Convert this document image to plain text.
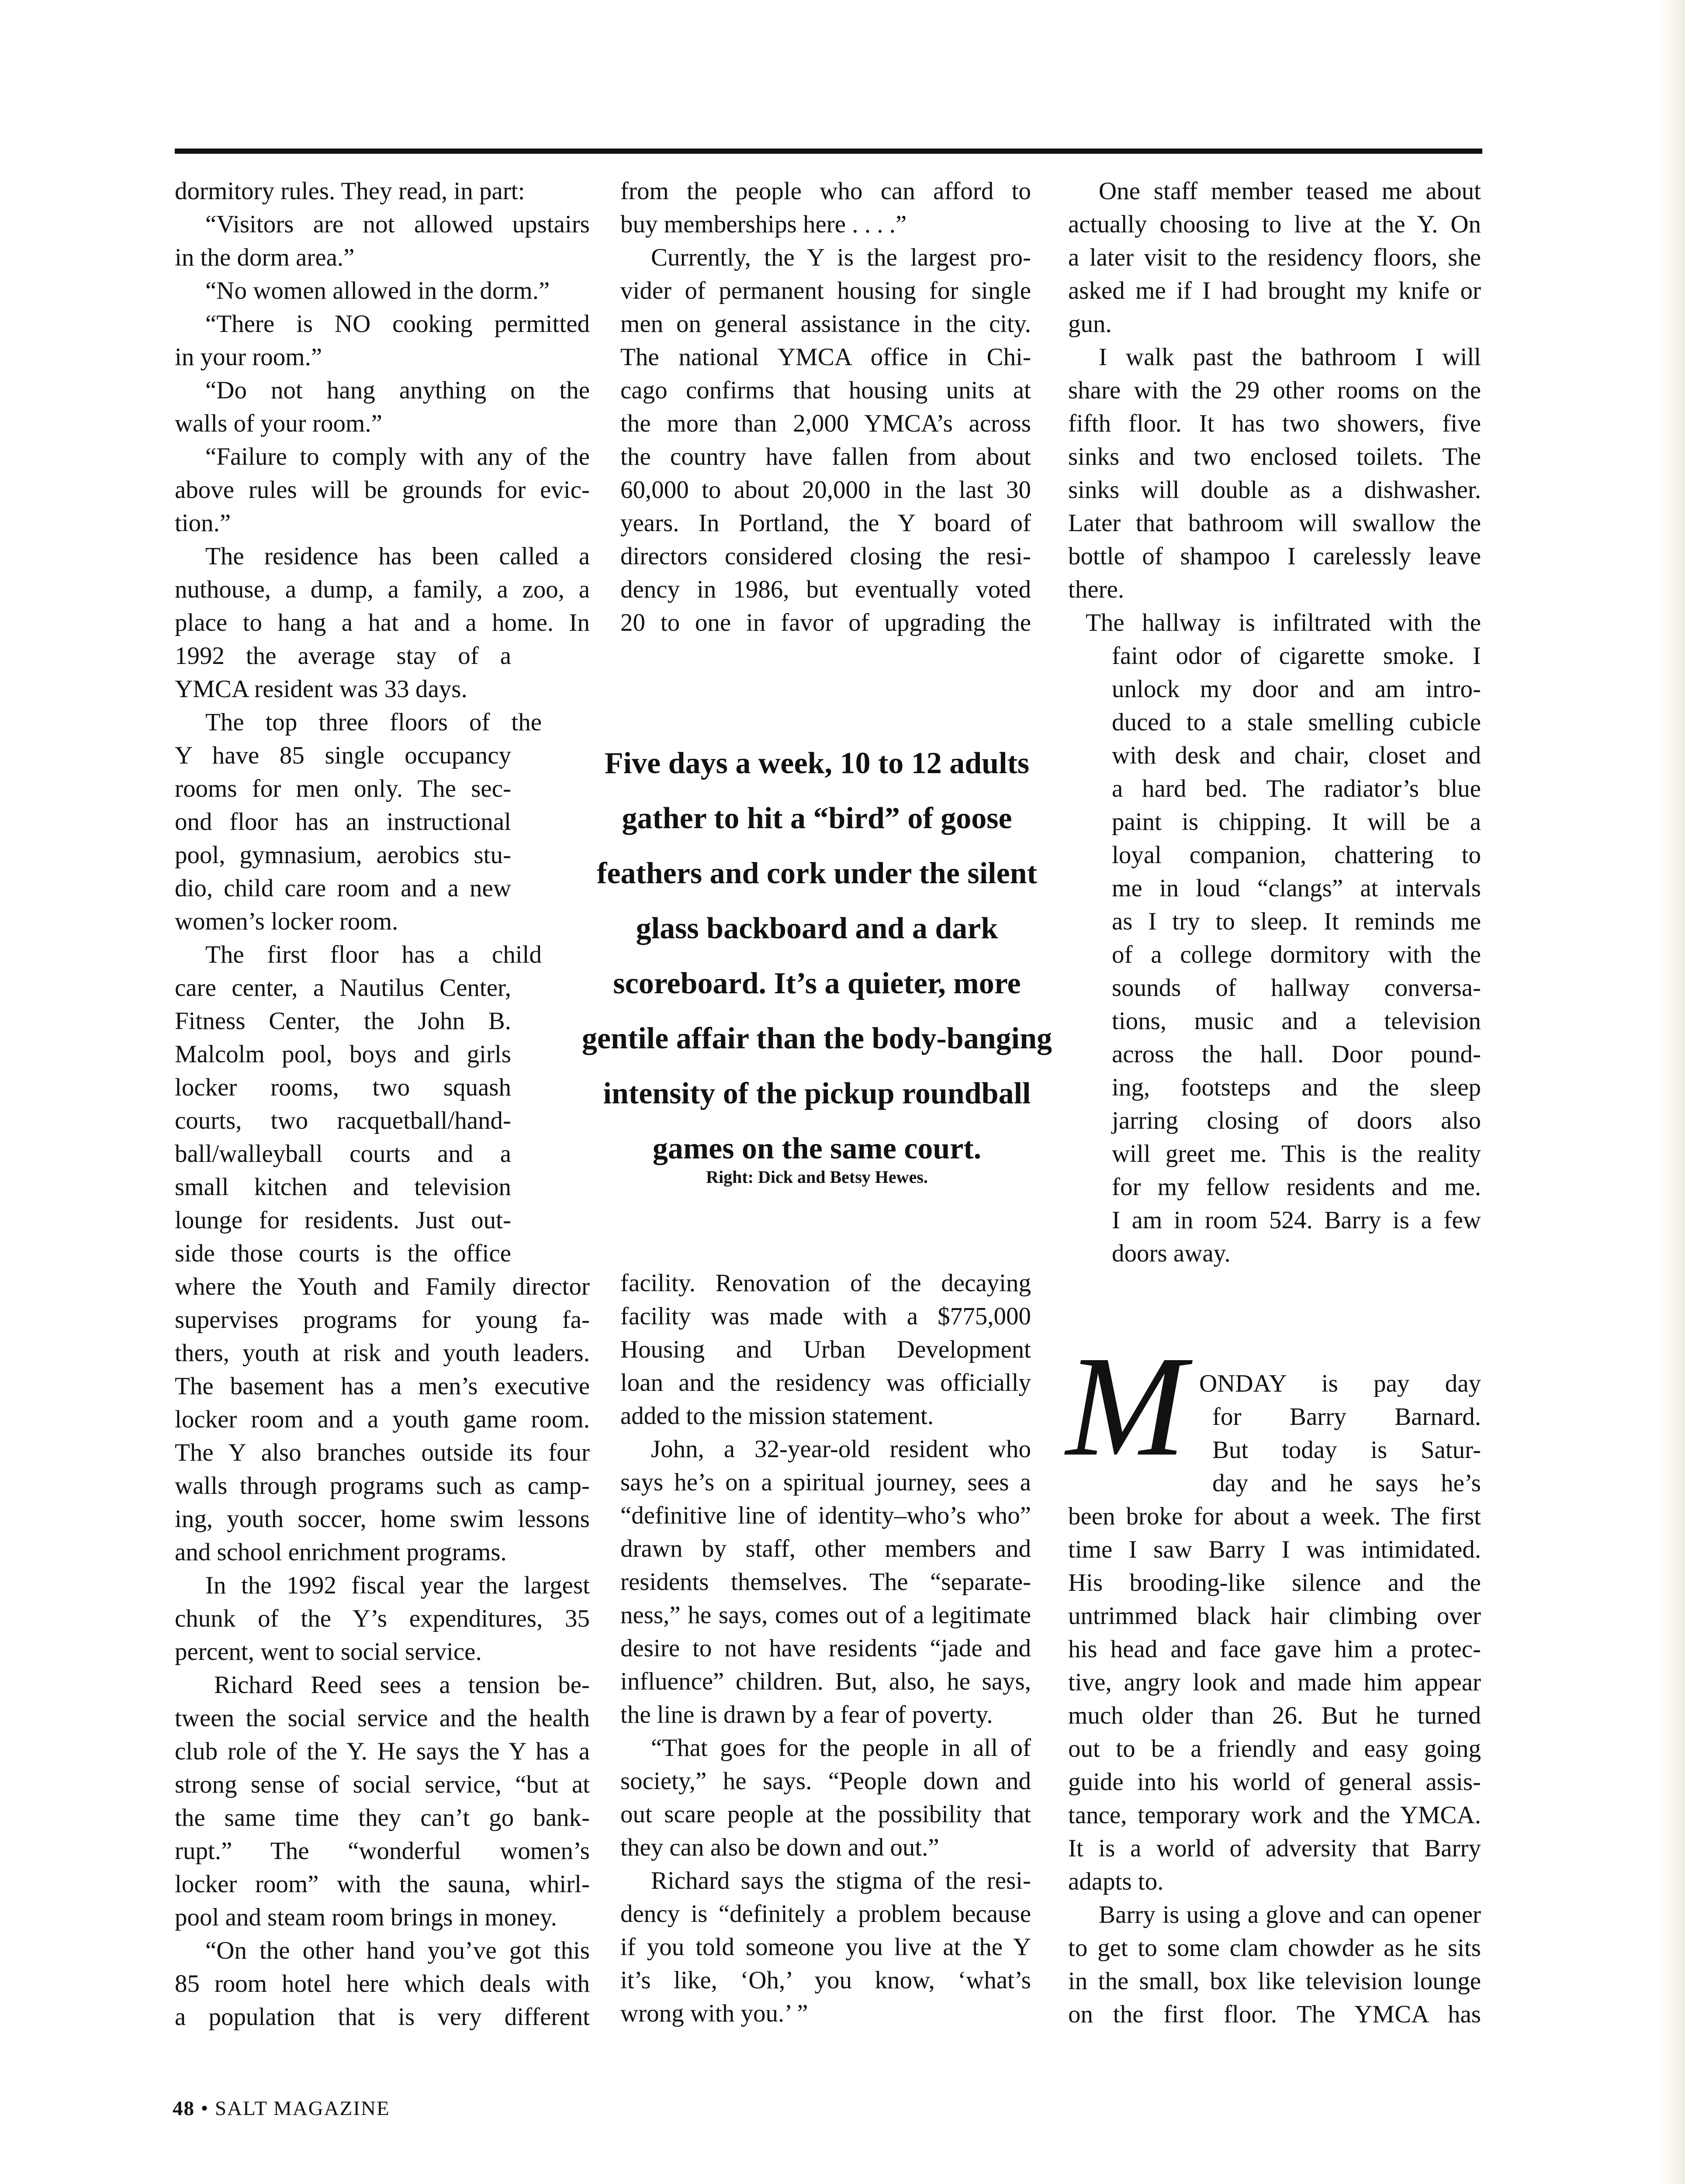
dormitory rules. They read, in part:
“Visitors are not allowed upstairs
in the dorm area.”
“No women allowed in the dorm.”
“There is NO cooking permitted
in your room.”
“Do not hang anything on the
walls of your room.”
“Failure to comply with any of the
above rules will be grounds for evic-
tion.”
The residence has been called a
nuthouse, a dump, a family, a zoo, a
place to hang a hat and a home. In
1992 the average stay of a
YMCA resident was 33 days.
The top three floors of the
Y have 85 single occupancy
rooms for men only. The sec-
ond floor has an instructional
pool, gymnasium, aerobics stu-
dio, child care room and a new
women’s locker room.
The first floor has a child
care center, a Nautilus Center,
Fitness Center, the John B.
Malcolm pool, boys and girls
locker rooms, two squash
courts, two racquetball/hand-
ball/walleyball courts and a
small kitchen and television
lounge for residents. Just out-
side those courts is the office
where the Youth and Family director
supervises programs for young fa-
thers, youth at risk and youth leaders.
The basement has a men’s executive
locker room and a youth game room.
The Y also branches outside its four
walls through programs such as camp-
ing, youth soccer, home swim lessons
and school enrichment programs.
In the 1992 fiscal year the largest
chunk of the Y’s expenditures, 35
percent, went to social service.
Richard Reed sees a tension be-
tween the social service and the health
club role of the Y. He says the Y has a
strong sense of social service, “but at
the same time they can’t go bank-
rupt.” The “wonderful women’s
locker room” with the sauna, whirl-
pool and steam room brings in money.
“On the other hand you’ve got this
85 room hotel here which deals with
a population that is very different
from the people who can afford to
buy memberships here . . . .”
Currently, the Y is the largest pro-
vider of permanent housing for single
men on general assistance in the city.
The national YMCA office in Chi-
cago confirms that housing units at
the more than 2,000 YMCA’s across
the country have fallen from about
60,000 to about 20,000 in the last 30
years. In Portland, the Y board of
directors considered closing the resi-
dency in 1986, but eventually voted
20 to one in favor of upgrading the
Five days a week, 10 to 12 adults
gather to hit a “bird” of goose
feathers and cork under the silent
glass backboard and a dark
scoreboard. It’s a quieter, more
gentile affair than the body-banging
intensity of the pickup roundball
games on the same court.
Right: Dick and Betsy Hewes.
facility. Renovation of the decaying
facility was made with a $775,000
Housing and Urban Development
loan and the residency was officially
added to the mission statement.
John, a 32-year-old resident who
says he’s on a spiritual journey, sees a
“definitive line of identity–who’s who”
drawn by staff, other members and
residents themselves. The “separate-
ness,” he says, comes out of a legitimate
desire to not have residents “jade and
influence” children. But, also, he says,
the line is drawn by a fear of poverty.
“That goes for the people in all of
society,” he says. “People down and
out scare people at the possibility that
they can also be down and out.”
Richard says the stigma of the resi-
dency is “definitely a problem because
if you told someone you live at the Y
it’s like, ‘Oh,’ you know, ‘what’s
wrong with you.’ ”
One staff member teased me about
actually choosing to live at the Y. On
a later visit to the residency floors, she
asked me if I had brought my knife or
gun.
I walk past the bathroom I will
share with the 29 other rooms on the
fifth floor. It has two showers, five
sinks and two enclosed toilets. The
sinks will double as a dishwasher.
Later that bathroom will swallow the
bottle of shampoo I carelessly leave
there.
The hallway is infiltrated with the
faint odor of cigarette smoke. I
unlock my door and am intro-
duced to a stale smelling cubicle
with desk and chair, closet and
a hard bed. The radiator’s blue
paint is chipping. It will be a
loyal companion, chattering to
me in loud “clangs” at intervals
as I try to sleep. It reminds me
of a college dormitory with the
sounds of hallway conversa-
tions, music and a television
across the hall. Door pound-
ing, footsteps and the sleep
jarring closing of doors also
will greet me. This is the reality
for my fellow residents and me.
I am in room 524. Barry is a few
doors away.
M ONDAY is pay day
for Barry Barnard.
But today is Satur-
day and he says he’s
been broke for about a week. The first
time I saw Barry I was intimidated.
His brooding-like silence and the
untrimmed black hair climbing over
his head and face gave him a protec-
tive, angry look and made him appear
much older than 26. But he turned
out to be a friendly and easy going
guide into his world of general assis-
tance, temporary work and the YMCA.
It is a world of adversity that Barry
adapts to.
Barry is using a glove and can opener
to get to some clam chowder as he sits
in the small, box like television lounge
on the first floor. The YMCA has
48 • SALT MAGAZINE
